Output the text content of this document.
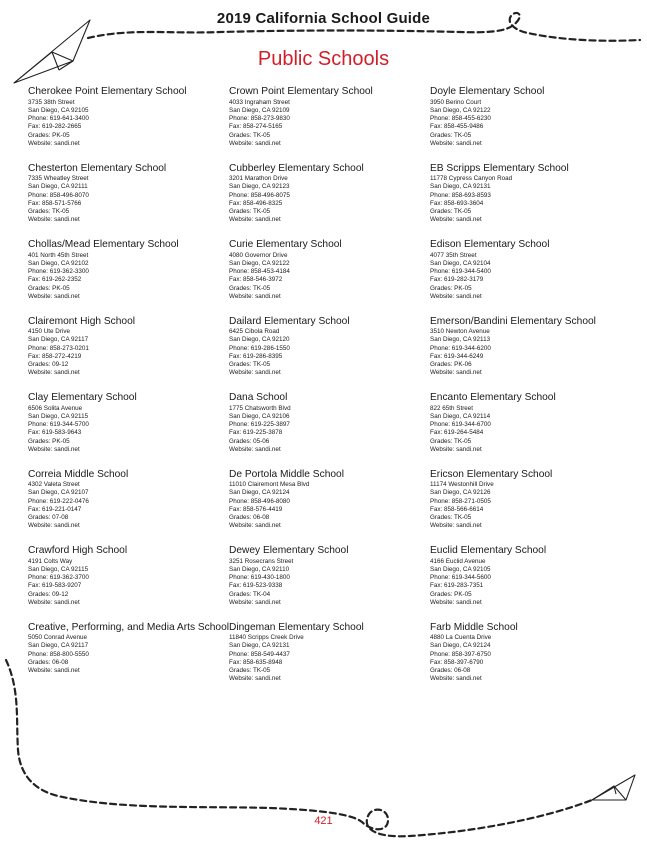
2019 California School Guide
Public Schools
Cherokee Point Elementary School
3735 38th Street
San Diego, CA 92105
Phone: 619-641-3400
Fax: 619-282-2665
Grades: PK-05
Website: sandi.net
Crown Point Elementary School
4033 Ingraham Street
San Diego, CA 92109
Phone: 858-273-9830
Fax: 858-274-5165
Grades: TK-05
Website: sandi.net
Doyle Elementary School
3950 Berino Court
San Diego, CA 92122
Phone: 858-455-6230
Fax: 858-455-9486
Grades: TK-05
Website: sandi.net
Chesterton Elementary School
7335 Wheatley Street
San Diego, CA 92111
Phone: 858-496-8070
Fax: 858-571-5766
Grades: TK-05
Website: sandi.net
Cubberley Elementary School
3201 Marathon Drive
San Diego, CA 92123
Phone: 858-496-8075
Fax: 858-496-8325
Grades: TK-05
Website: sandi.net
EB Scripps Elementary School
11778 Cypress Canyon Road
San Diego, CA 92131
Phone: 858-693-8593
Fax: 858-693-3604
Grades: TK-05
Website: sandi.net
Chollas/Mead Elementary School
401 North 45th Street
San Diego, CA 92102
Phone: 619-362-3300
Fax: 619-262-2352
Grades: PK-05
Website: sandi.net
Curie Elementary School
4080 Governor Drive
San Diego, CA 92122
Phone: 858-453-4184
Fax: 858-546-3972
Grades: TK-05
Website: sandi.net
Edison Elementary School
4077 35th Street
San Diego, CA 92104
Phone: 619-344-5400
Fax: 619-282-3179
Grades: PK-05
Website: sandi.net
Clairemont High School
4150 Ute Drive
San Diego, CA 92117
Phone: 858-273-0201
Fax: 858-272-4219
Grades: 09-12
Website: sandi.net
Dailard Elementary School
6425 Cibola Road
San Diego, CA 92120
Phone: 619-286-1550
Fax: 619-286-8395
Grades: TK-05
Website: sandi.net
Emerson/Bandini Elementary School
3510 Newton Avenue
San Diego, CA 92113
Phone: 619-344-6200
Fax: 619-344-6249
Grades: PK-06
Website: sandi.net
Clay Elementary School
6506 Solita Avenue
San Diego, CA 92115
Phone: 619-344-5700
Fax: 619-583-9643
Grades: PK-05
Website: sandi.net
Dana School
1775 Chatsworth Blvd
San Diego, CA 92106
Phone: 619-225-3897
Fax: 619-225-3878
Grades: 05-06
Website: sandi.net
Encanto Elementary School
822 65th Street
San Diego, CA 92114
Phone: 619-344-6700
Fax: 619-264-5484
Grades: TK-05
Website: sandi.net
Correia Middle School
4302 Valeta Street
San Diego, CA 92107
Phone: 619-222-0476
Fax: 619-221-0147
Grades: 07-08
Website: sandi.net
De Portola Middle School
11010 Clairemont Mesa Blvd
San Diego, CA 92124
Phone: 858-496-8080
Fax: 858-576-4419
Grades: 06-08
Website: sandi.net
Ericson Elementary School
11174 Westonhill Drive
San Diego, CA 92126
Phone: 858-271-0505
Fax: 858-566-6614
Grades: TK-05
Website: sandi.net
Crawford High School
4191 Colts Way
San Diego, CA 92115
Phone: 619-362-3700
Fax: 619-583-9207
Grades: 09-12
Website: sandi.net
Dewey Elementary School
3251 Rosecrans Street
San Diego, CA 92110
Phone: 619-430-1800
Fax: 619-523-9338
Grades: TK-04
Website: sandi.net
Euclid Elementary School
4166 Euclid Avenue
San Diego, CA 92105
Phone: 619-344-5600
Fax: 619-283-7351
Grades: PK-05
Website: sandi.net
Creative, Performing, and Media Arts School
5050 Conrad Avenue
San Diego, CA 92117
Phone: 858-800-5550
Grades: 06-08
Website: sandi.net
Dingeman Elementary School
11840 Scripps Creek Drive
San Diego, CA 92131
Phone: 858-549-4437
Fax: 858-635-8948
Grades: TK-05
Website: sandi.net
Farb Middle School
4880 La Cuenta Drive
San Diego, CA 92124
Phone: 858-397-6750
Fax: 858-397-6790
Grades: 06-08
Website: sandi.net
421
